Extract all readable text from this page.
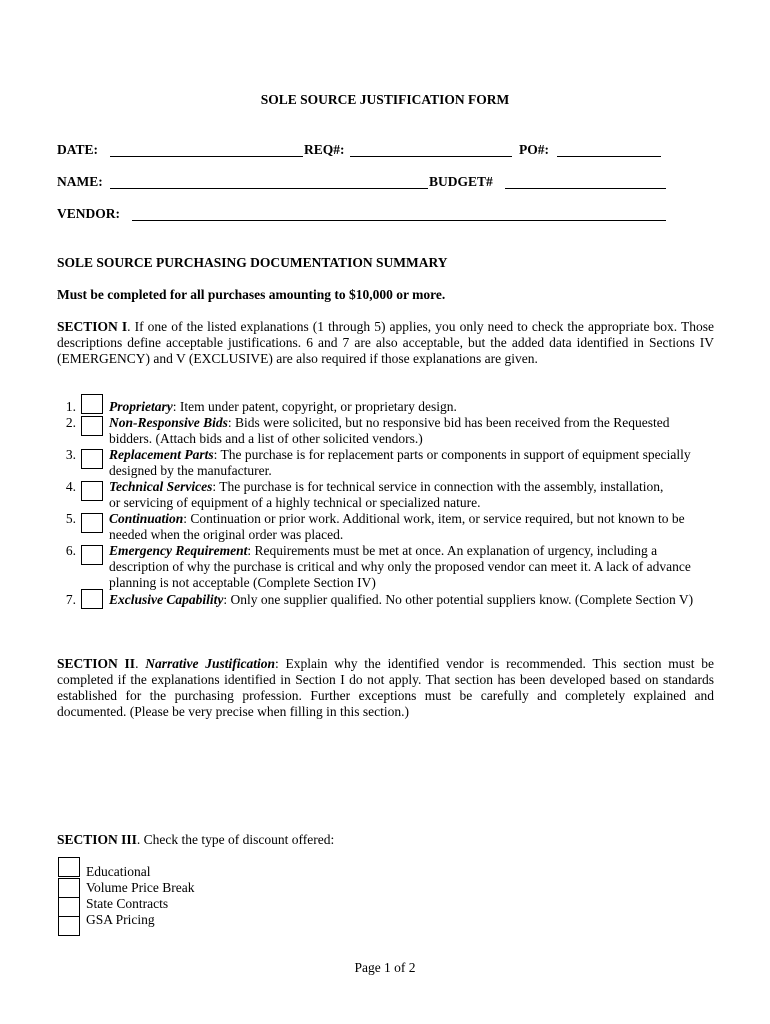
SOLE SOURCE JUSTIFICATION FORM
DATE:	REQ#:	PO#:
NAME:	BUDGET#
VENDOR:
SOLE SOURCE PURCHASING DOCUMENTATION SUMMARY
Must be completed for all purchases amounting to $10,000 or more.
SECTION I. If one of the listed explanations (1 through 5) applies, you only need to check the appropriate box. Those descriptions define acceptable justifications. 6 and 7 are also acceptable, but the added data identified in Sections IV (EMERGENCY) and V (EXCLUSIVE) are also required if those explanations are given.
1. Proprietary: Item under patent, copyright, or proprietary design.
2. Non-Responsive Bids: Bids were solicited, but no responsive bid has been received from the Requested bidders. (Attach bids and a list of other solicited vendors.)
3. Replacement Parts: The purchase is for replacement parts or components in support of equipment specially designed by the manufacturer.
4. Technical Services: The purchase is for technical service in connection with the assembly, installation, or servicing of equipment of a highly technical or specialized nature.
5. Continuation: Continuation or prior work. Additional work, item, or service required, but not known to be needed when the original order was placed.
6. Emergency Requirement: Requirements must be met at once. An explanation of urgency, including a description of why the purchase is critical and why only the proposed vendor can meet it. A lack of advance planning is not acceptable (Complete Section IV)
7. Exclusive Capability: Only one supplier qualified. No other potential suppliers know. (Complete Section V)
SECTION II. Narrative Justification: Explain why the identified vendor is recommended. This section must be completed if the explanations identified in Section I do not apply. That section has been developed based on standards established for the purchasing profession. Further exceptions must be carefully and completely explained and documented. (Please be very precise when filling in this section.)
SECTION III. Check the type of discount offered:
Educational
Volume Price Break
State Contracts
GSA Pricing
Page 1 of 2
